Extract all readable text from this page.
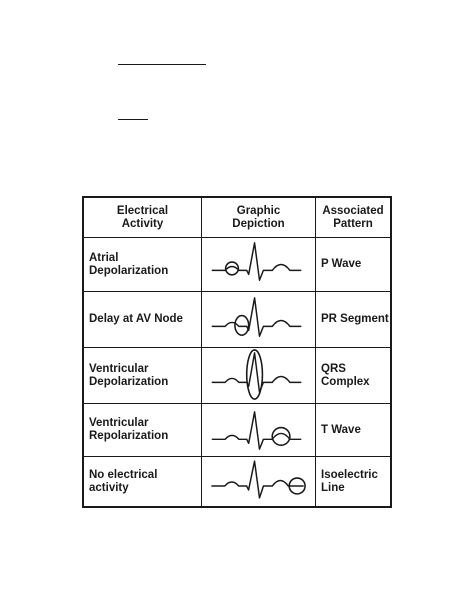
Electrical
Activity
Graphic
Depiction
Associated
Pattern
Atrial
Depolarization
P Wave
Delay at AV Node	PR Segment
Ventricular
Depolarization
QRS
Complex
Ventricular
Repolarization
T Wave
No electrical
activity
Isoelectric
Line
